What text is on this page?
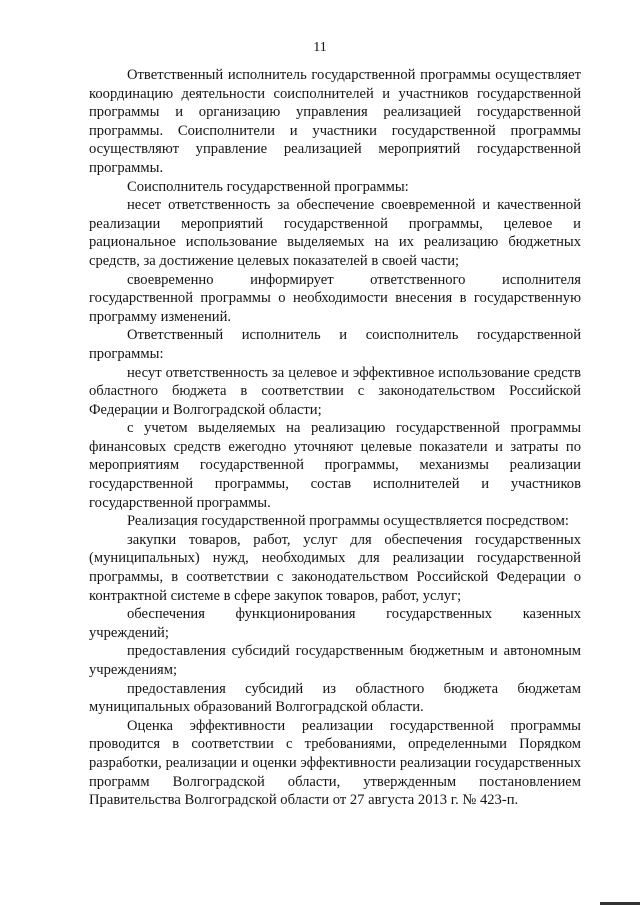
11

Ответственный исполнитель государственной программы осуществляет координацию деятельности соисполнителей и участников государственной программы и организацию управления реализацией государственной программы. Соисполнители и участники государственной программы осуществляют управление реализацией мероприятий государственной программы.

Соисполнитель государственной программы:

несет ответственность за обеспечение своевременной и качественной реализации мероприятий государственной программы, целевое и рациональное использование выделяемых на их реализацию бюджетных средств, за достижение целевых показателей в своей части;

своевременно информирует ответственного исполнителя государственной программы о необходимости внесения в государственную программу изменений.

Ответственный исполнитель и соисполнитель государственной программы:

несут ответственность за целевое и эффективное использование средств областного бюджета в соответствии с законодательством Российской Федерации и Волгоградской области;

с учетом выделяемых на реализацию государственной программы финансовых средств ежегодно уточняют целевые показатели и затраты по мероприятиям государственной программы, механизмы реализации государственной программы, состав исполнителей и участников государственной программы.

Реализация государственной программы осуществляется посредством:

закупки товаров, работ, услуг для обеспечения государственных (муниципальных) нужд, необходимых для реализации государственной программы, в соответствии с законодательством Российской Федерации о контрактной системе в сфере закупок товаров, работ, услуг;

обеспечения функционирования государственных казенных учреждений;

предоставления субсидий государственным бюджетным и автономным учреждениям;

предоставления субсидий из областного бюджета бюджетам муниципальных образований Волгоградской области.

Оценка эффективности реализации государственной программы проводится в соответствии с требованиями, определенными Порядком разработки, реализации и оценки эффективности реализации государственных программ Волгоградской области, утвержденным постановлением Правительства Волгоградской области от 27 августа 2013 г. № 423-п.
